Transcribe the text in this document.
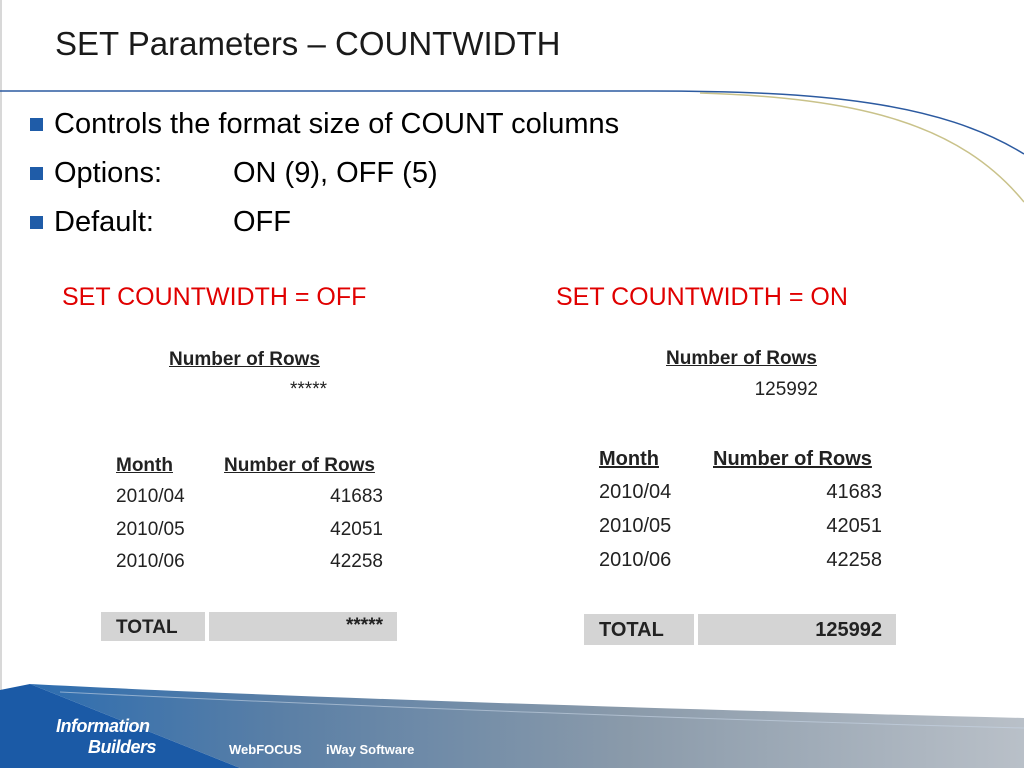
SET Parameters – COUNTWIDTH
Controls the format size of COUNT columns
Options: ON (9), OFF (5)
Default:	OFF
SET COUNTWIDTH = OFF	SET COUNTWIDTH = ON
Number of Rows
*****
Month	Number of Rows
2010/04	41683
2010/05	42051
2010/06	42258
TOTAL	*****
Number of Rows
125992
Month	Number of Rows
2010/04	41683
2010/05	42051
2010/06	42258
TOTAL	125992
Information
Builders	WebFOCUS iWay Software
